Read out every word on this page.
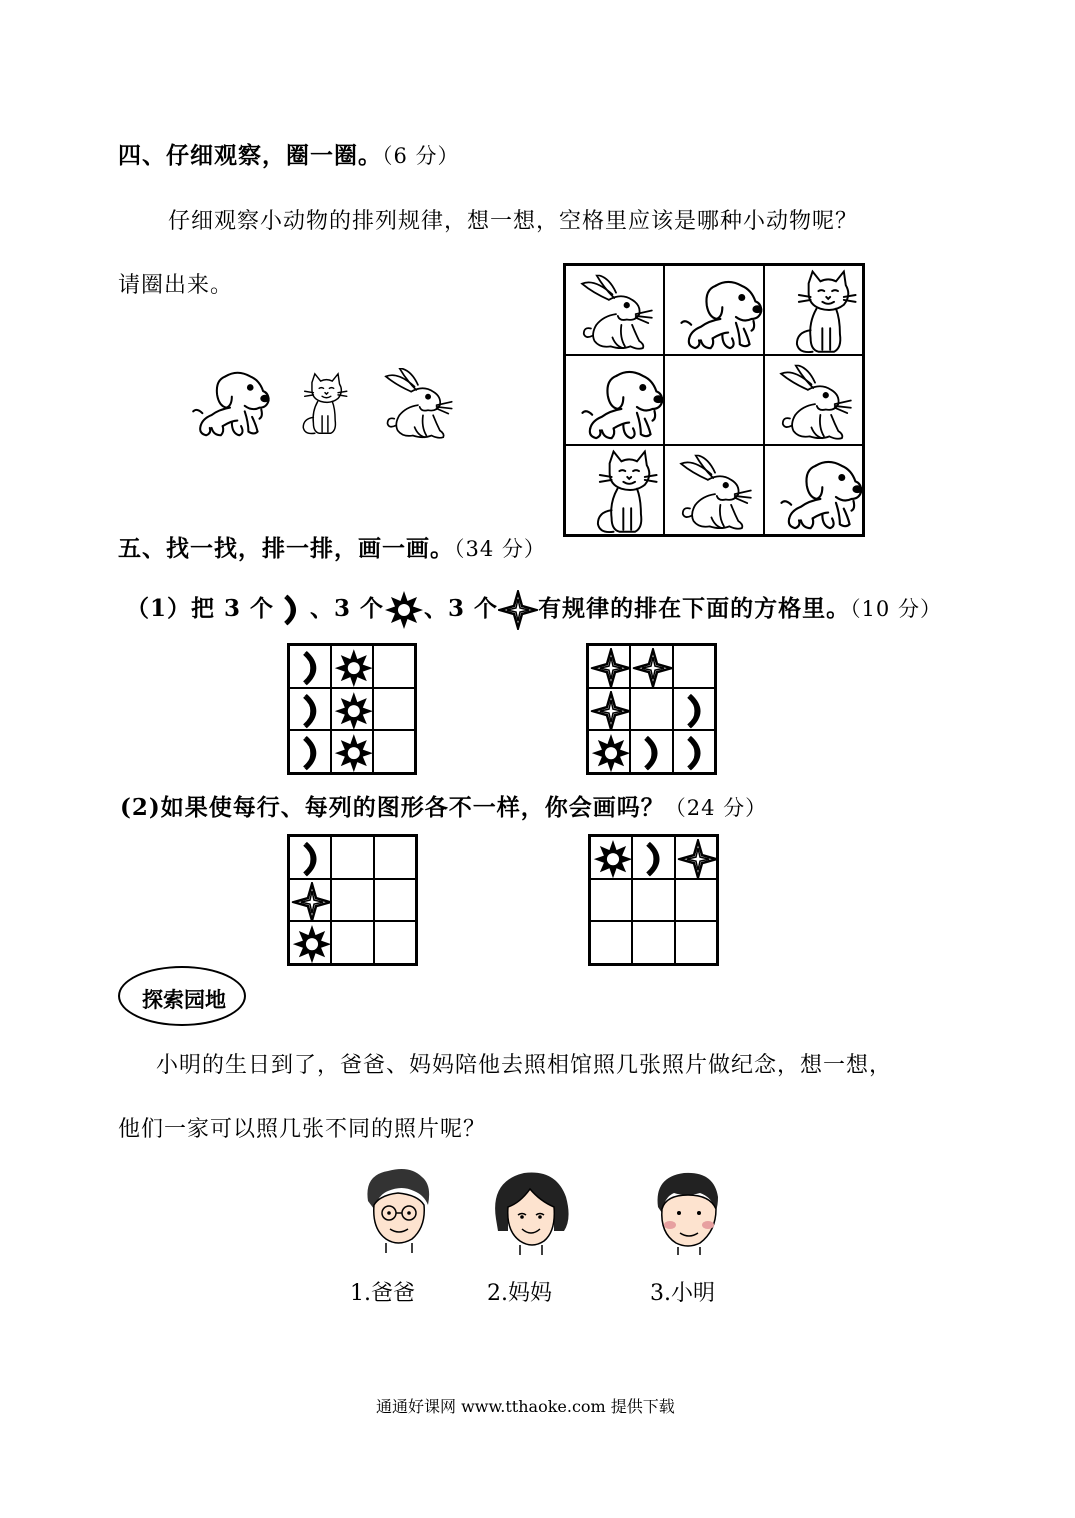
四、仔细观察，圈一圈。（6 分）
仔细观察小动物的排列规律，想一想，空格里应该是哪种小动物呢？
请圈出来。
五、找一找，排一排，画一画。（34 分）
（1）把 3 个 、3 个 、3 个 有规律的排在下面的方格里。（10 分）
(2)如果使每行、每列的图形各不一样，你会画吗？（24 分）
探索园地
小明的生日到了，爸爸、妈妈陪他去照相馆照几张照片做纪念，想一想，
他们一家可以照几张不同的照片呢？
1.爸爸	2.妈妈	3.小明
通通好课网 www.tthaoke.com 提供下载
